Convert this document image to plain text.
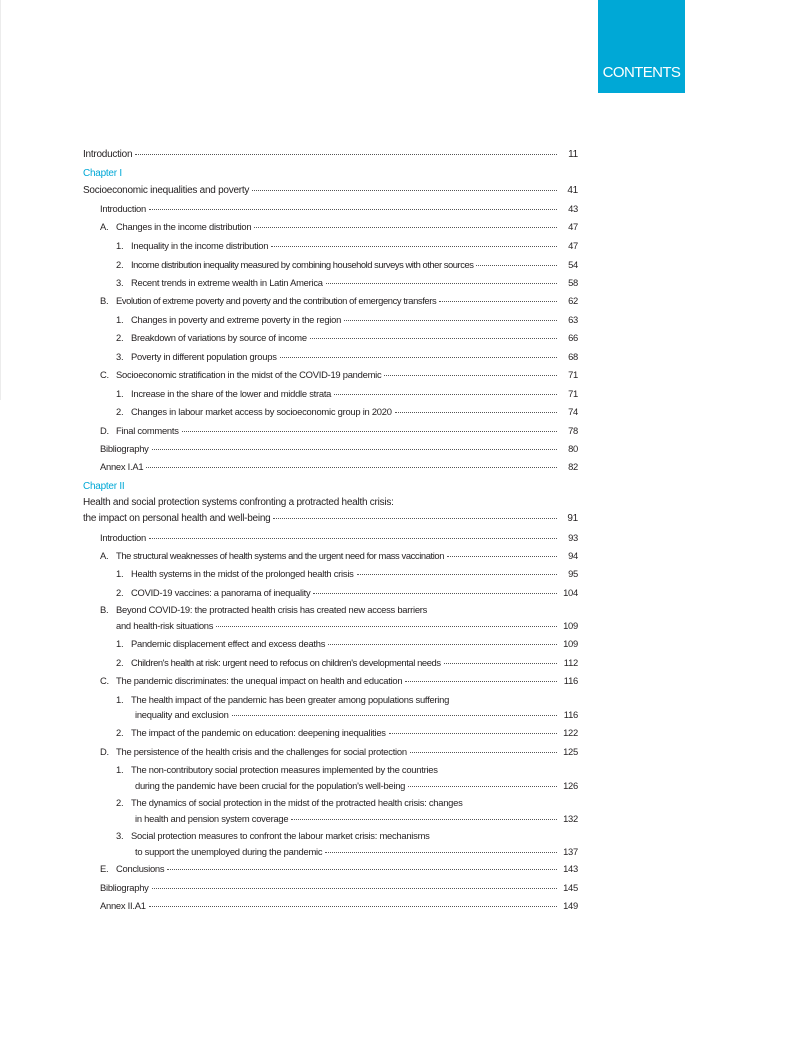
CONTENTS
Introduction	11
Chapter I
Socioeconomic inequalities and poverty	41
Introduction	43
A. Changes in the income distribution	47
1. Inequality in the income distribution	47
2. Income distribution inequality measured by combining household surveys with other sources	54
3. Recent trends in extreme wealth in Latin America	58
B. Evolution of extreme poverty and poverty and the contribution of emergency transfers	62
1. Changes in poverty and extreme poverty in the region	63
2. Breakdown of variations by source of income	66
3. Poverty in different population groups	68
C. Socioeconomic stratification in the midst of the COVID-19 pandemic	71
1. Increase in the share of the lower and middle strata	71
2. Changes in labour market access by socioeconomic group in 2020	74
D. Final comments	78
Bibliography	80
Annex I.A1	82
Chapter II
Health and social protection systems confronting a protracted health crisis:
the impact on personal health and well-being	91
Introduction	93
A. The structural weaknesses of health systems and the urgent need for mass vaccination	94
1. Health systems in the midst of the prolonged health crisis	95
2. COVID-19 vaccines: a panorama of inequality	104
B. Beyond COVID-19: the protracted health crisis has created new access barriers
and health-risk situations	109
1. Pandemic displacement effect and excess deaths	109
2. Children's health at risk: urgent need to refocus on children's developmental needs	112
C. The pandemic discriminates: the unequal impact on health and education	116
1. The health impact of the pandemic has been greater among populations suffering
inequality and exclusion	116
2. The impact of the pandemic on education: deepening inequalities	122
D. The persistence of the health crisis and the challenges for social protection	125
1. The non-contributory social protection measures implemented by the countries
during the pandemic have been crucial for the population's well-being	126
2. The dynamics of social protection in the midst of the protracted health crisis: changes
in health and pension system coverage	132
3. Social protection measures to confront the labour market crisis: mechanisms
to support the unemployed during the pandemic	137
E. Conclusions	143
Bibliography	145
Annex II.A1	149
